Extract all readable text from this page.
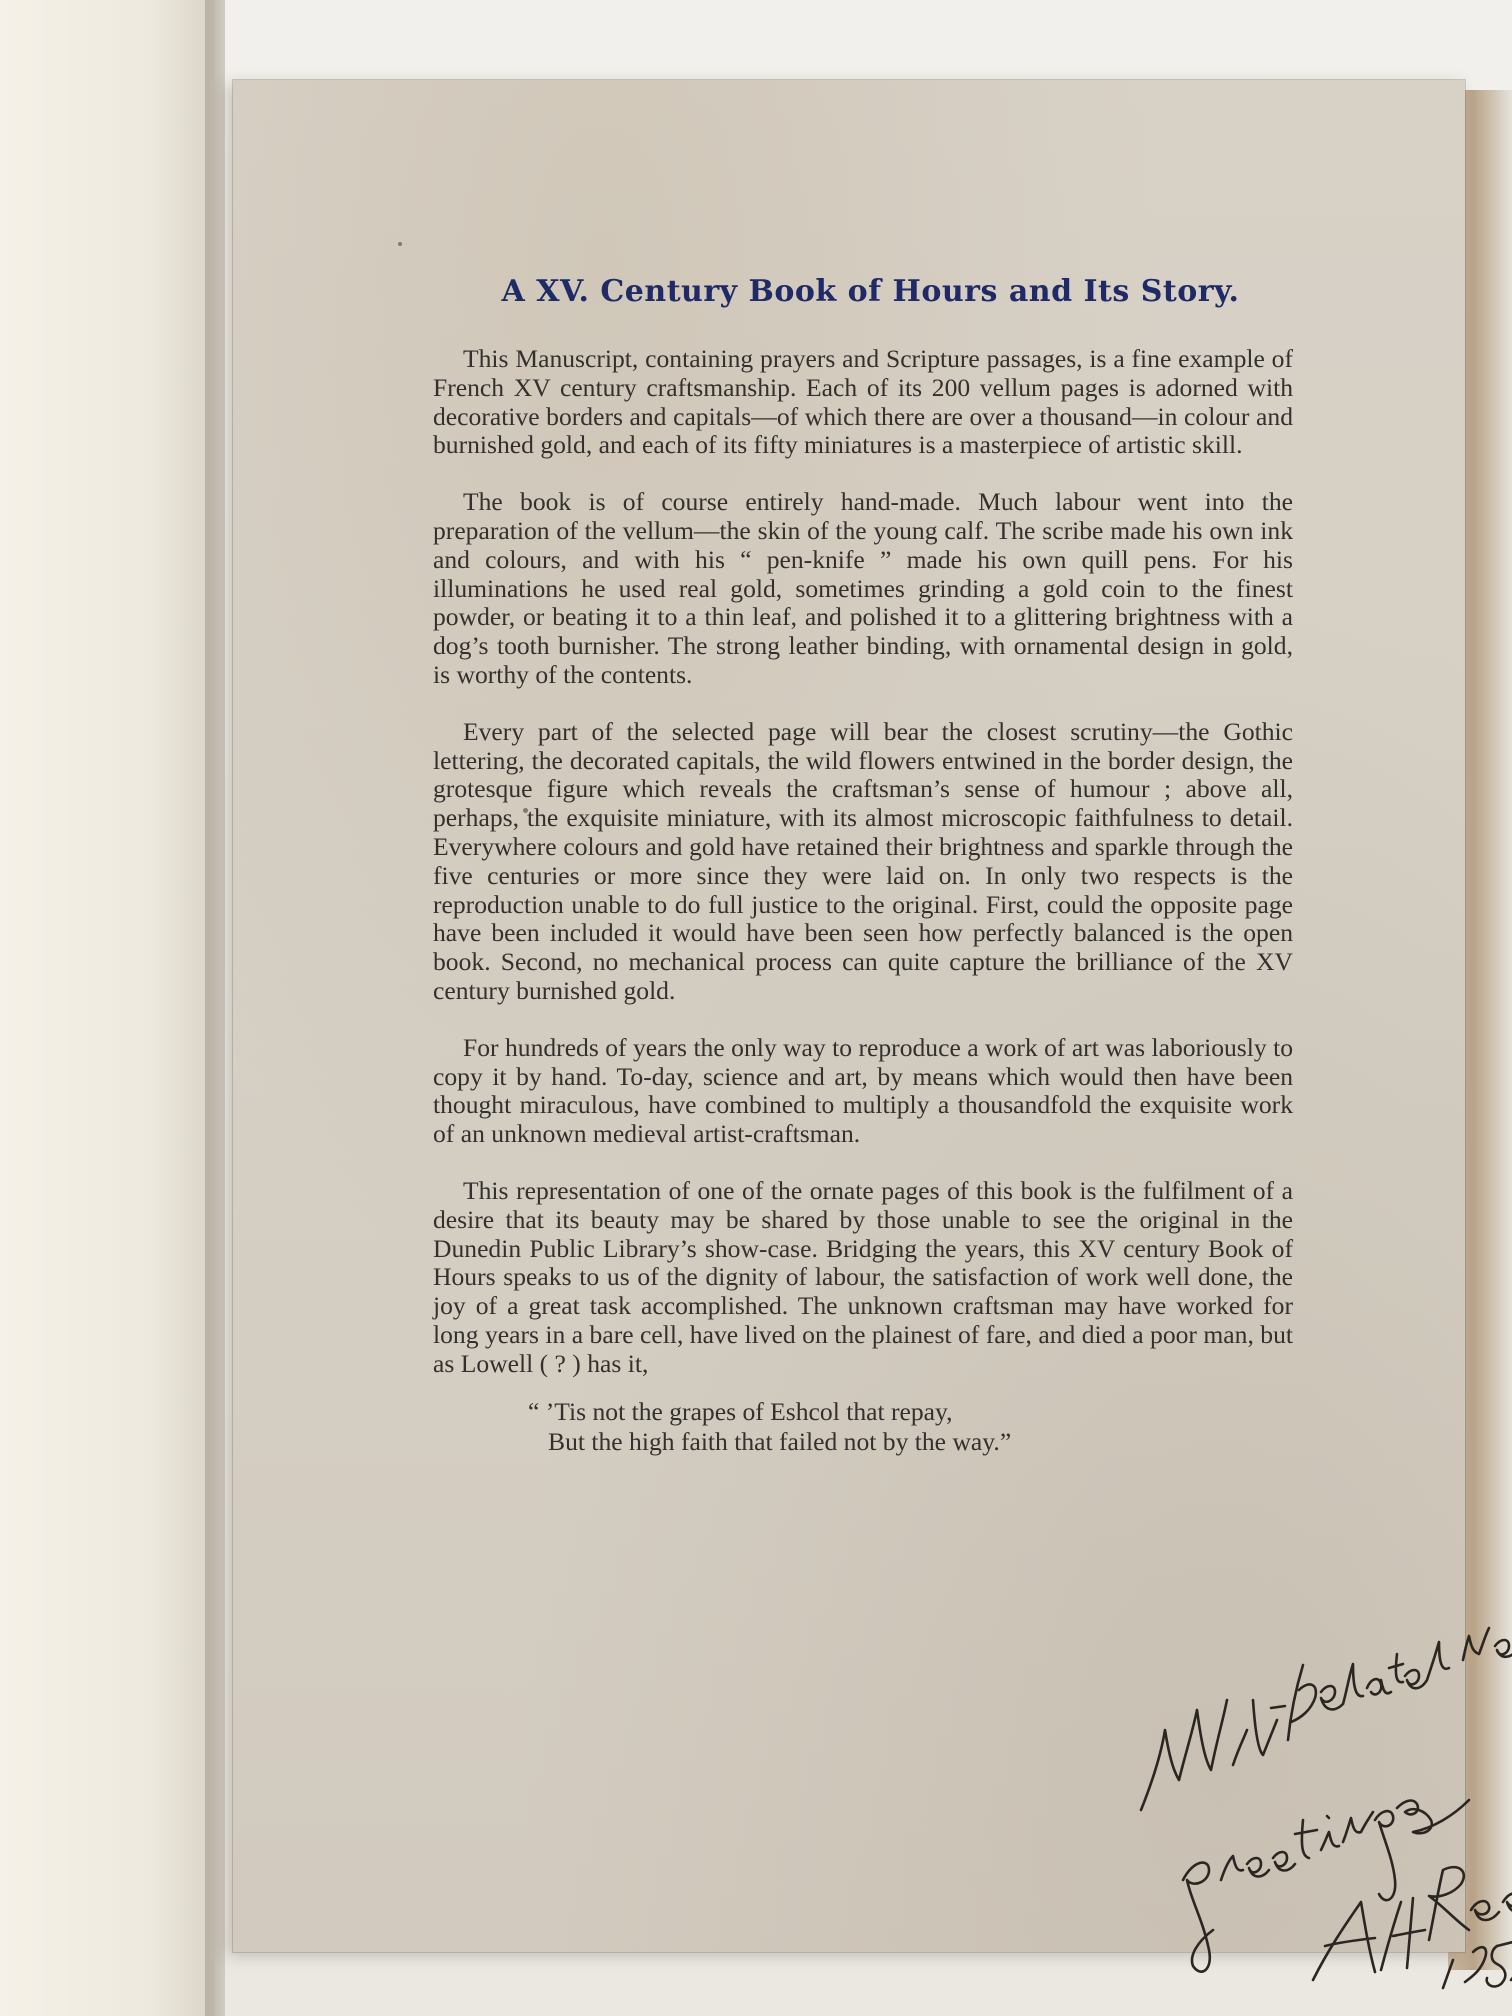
A XV. Century Book of Hours and Its Story.

This Manuscript, containing prayers and Scripture passages, is a fine example of French XV century craftsmanship. Each of its 200 vellum pages is adorned with decorative borders and capitals—of which there are over a thousand—in colour and burnished gold, and each of its fifty miniatures is a masterpiece of artistic skill.

The book is of course entirely hand-made. Much labour went into the preparation of the vellum—the skin of the young calf. The scribe made his own ink and colours, and with his “ pen-knife ” made his own quill pens. For his illuminations he used real gold, sometimes grinding a gold coin to the finest powder, or beating it to a thin leaf, and polished it to a glittering brightness with a dog’s tooth burnisher. The strong leather binding, with ornamental design in gold, is worthy of the contents.

Every part of the selected page will bear the closest scrutiny—the Gothic lettering, the decorated capitals, the wild flowers entwined in the border design, the grotesque figure which reveals the craftsman’s sense of humour ; above all, perhaps, the exquisite miniature, with its almost microscopic faithfulness to detail. Everywhere colours and gold have retained their brightness and sparkle through the five centuries or more since they were laid on. In only two respects is the reproduction unable to do full justice to the original. First, could the opposite page have been included it would have been seen how perfectly balanced is the open book. Second, no mechanical process can quite capture the brilliance of the XV century burnished gold.

For hundreds of years the only way to reproduce a work of art was laboriously to copy it by hand. To-day, science and art, by means which would then have been thought miraculous, have combined to multiply a thousandfold the exquisite work of an unknown medieval artist-craftsman.

This representation of one of the ornate pages of this book is the fulfilment of a desire that its beauty may be shared by those unable to see the original in the Dunedin Public Library’s show-case. Bridging the years, this XV century Book of Hours speaks to us of the dignity of labour, the satisfaction of work well done, the joy of a great task accomplished. The unknown craftsman may have worked for long years in a bare cell, have lived on the plainest of fare, and died a poor man, but as Lowell ( ? ) has it,

“ ’Tis not the grapes of Eshcol that repay,
But the high faith that failed not by the way.”
